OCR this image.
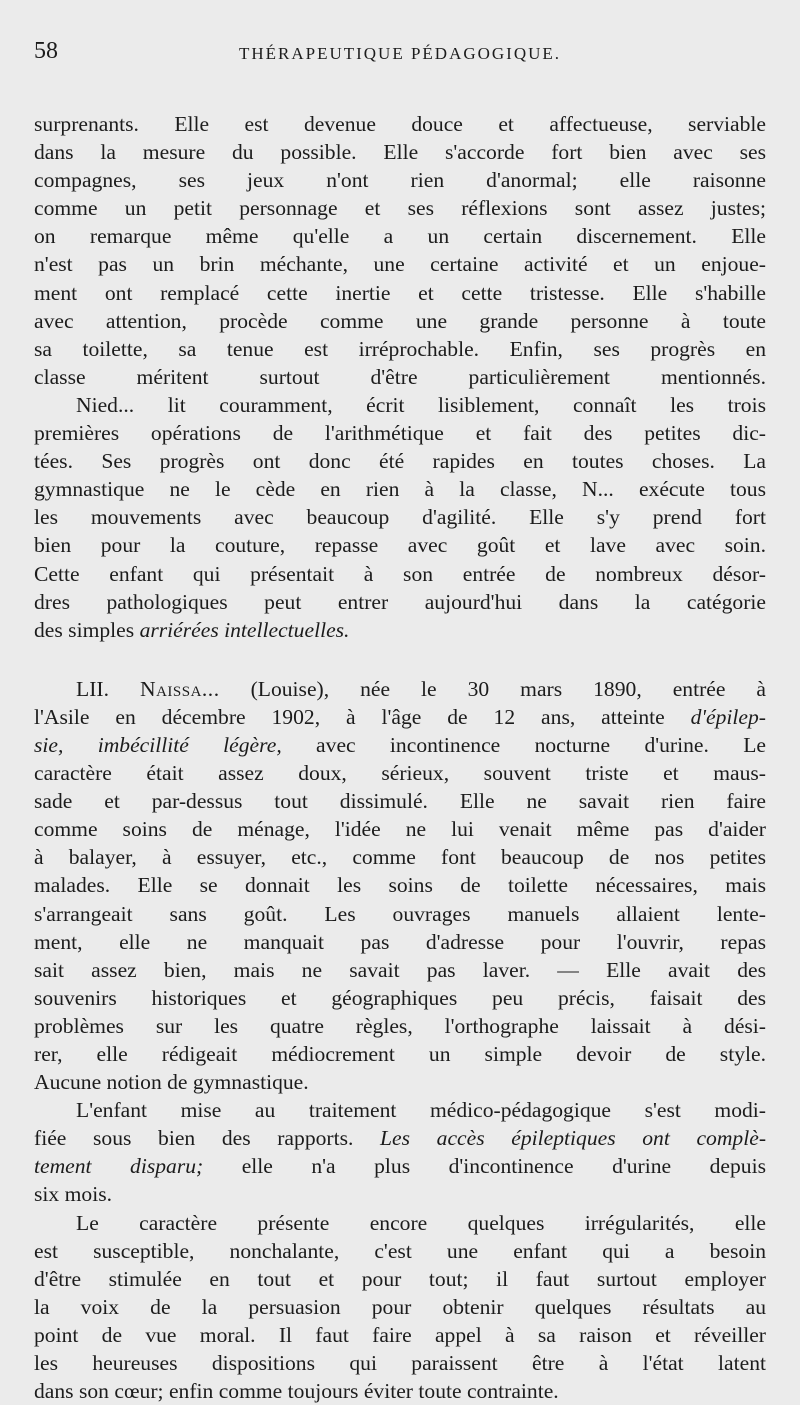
58	THÉRAPEUTIQUE PÉDAGOGIQUE.
surprenants. Elle est devenue douce et affectueuse, serviable
dans la mesure du possible. Elle s'accorde fort bien avec ses
compagnes, ses jeux n'ont rien d'anormal; elle raisonne
comme un petit personnage et ses réflexions sont assez justes;
on remarque même qu'elle a un certain discernement. Elle
n'est pas un brin méchante, une certaine activité et un enjoue-
ment ont remplacé cette inertie et cette tristesse. Elle s'habille
avec attention, procède comme une grande personne à toute
sa toilette, sa tenue est irréprochable. Enfin, ses progrès en
classe méritent surtout d'être particulièrement mentionnés.
Nied... lit couramment, écrit lisiblement, connaît les trois
premières opérations de l'arithmétique et fait des petites dic-
tées. Ses progrès ont donc été rapides en toutes choses. La
gymnastique ne le cède en rien à la classe, N... exécute tous
les mouvements avec beaucoup d'agilité. Elle s'y prend fort
bien pour la couture, repasse avec goût et lave avec soin.
Cette enfant qui présentait à son entrée de nombreux désor-
dres pathologiques peut entrer aujourd'hui dans la catégorie
des simples arriérées intellectuelles.
LII. Naissa... (Louise), née le 30 mars 1890, entrée à
l'Asile en décembre 1902, à l'âge de 12 ans, atteinte d'épilep-
sie, imbécillité légère, avec incontinence nocturne d'urine. Le
caractère était assez doux, sérieux, souvent triste et maus-
sade et par-dessus tout dissimulé. Elle ne savait rien faire
comme soins de ménage, l'idée ne lui venait même pas d'aider
à balayer, à essuyer, etc., comme font beaucoup de nos petites
malades. Elle se donnait les soins de toilette nécessaires, mais
s'arrangeait sans goût. Les ouvrages manuels allaient lente-
ment, elle ne manquait pas d'adresse pour l'ouvrir, repas
sait assez bien, mais ne savait pas laver. — Elle avait des
souvenirs historiques et géographiques peu précis, faisait des
problèmes sur les quatre règles, l'orthographe laissait à dési-
rer, elle rédigeait médiocrement un simple devoir de style.
Aucune notion de gymnastique.
L'enfant mise au traitement médico-pédagogique s'est modi-
fiée sous bien des rapports. Les accès épileptiques ont complè-
tement disparu; elle n'a plus d'incontinence d'urine depuis
six mois.
Le caractère présente encore quelques irrégularités, elle
est susceptible, nonchalante, c'est une enfant qui a besoin
d'être stimulée en tout et pour tout; il faut surtout employer
la voix de la persuasion pour obtenir quelques résultats au
point de vue moral. Il faut faire appel à sa raison et réveiller
les heureuses dispositions qui paraissent être à l'état latent
dans son cœur; enfin comme toujours éviter toute contrainte.
